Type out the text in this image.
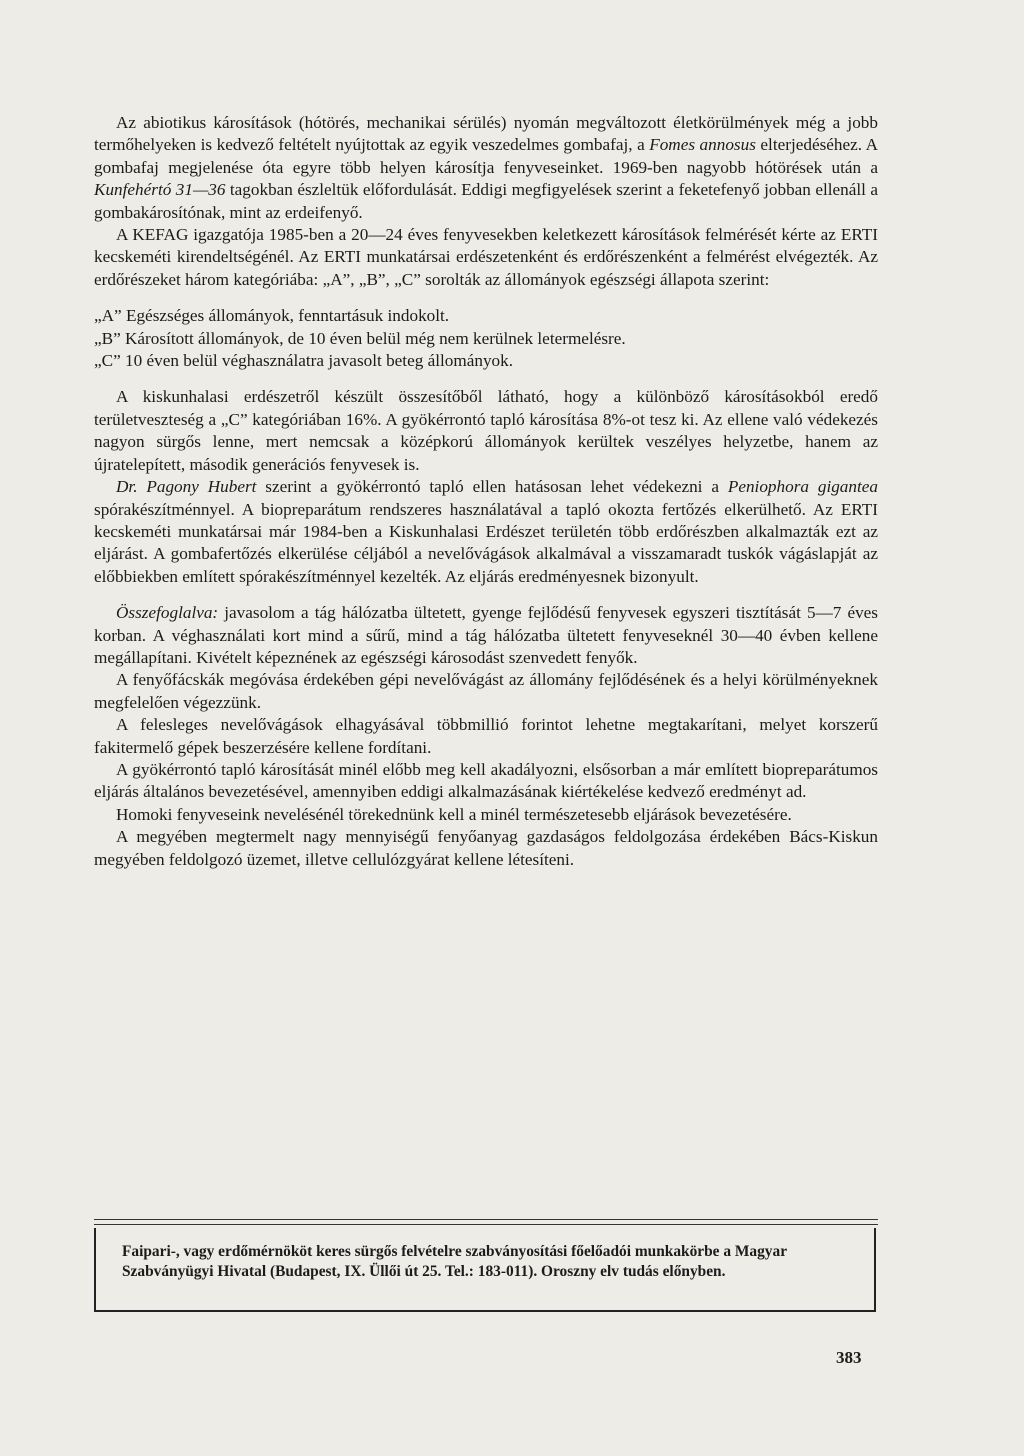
Az abiotikus károsítások (hótörés, mechanikai sérülés) nyomán megváltozott életkörülmények még a jobb termőhelyeken is kedvező feltételt nyújtottak az egyik veszedelmes gombafaj, a Fomes annosus elterjedéséhez. A gombafaj megjelenése óta egyre több helyen károsítja fenyveseinket. 1969-ben nagyobb hótörések után a Kunfehértó 31—36 tagokban észleltük előfordulását. Eddigi megfigyelések szerint a feketefenyő jobban ellenáll a gombakárosítónak, mint az erdeifenyő.

A KEFAG igazgatója 1985-ben a 20—24 éves fenyvesekben keletkezett károsítások felmérését kérte az ERTI kecskeméti kirendeltségénél. Az ERTI munkatársai erdészetenként és erdőrészenként a felmérést elvégezték. Az erdőrészeket három kategóriába: „A”, „B”, „C” sorolták az állományok egészségi állapota szerint:

„A” Egészséges állományok, fenntartásuk indokolt.

„B” Károsított állományok, de 10 éven belül még nem kerülnek letermelésre.

„C” 10 éven belül véghasználatra javasolt beteg állományok.

A kiskunhalasi erdészetről készült összesítőből látható, hogy a különböző károsításokból eredő területveszteség a „C” kategóriában 16%. A gyökérrontó tapló károsítása 8%-ot tesz ki. Az ellene való védekezés nagyon sürgős lenne, mert nemcsak a középkorú állományok kerültek veszélyes helyzetbe, hanem az újratelepített, második generációs fenyvesek is.

Dr. Pagony Hubert szerint a gyökérrontó tapló ellen hatásosan lehet védekezni a Peniophora gigantea spórakészítménnyel. A biopreparátum rendszeres használatával a tapló okozta fertőzés elkerülhető. Az ERTI kecskeméti munkatársai már 1984-ben a Kiskunhalasi Erdészet területén több erdőrészben alkalmazták ezt az eljárást. A gombafertőzés elkerülése céljából a nevelővágások alkalmával a visszamaradt tuskók vágáslapját az előbbiekben említett spórakészítménnyel kezelték. Az eljárás eredményesnek bizonyult.

Összefoglalva: javasolom a tág hálózatba ültetett, gyenge fejlődésű fenyvesek egyszeri tisztítását 5—7 éves korban. A véghasználati kort mind a sűrű, mind a tág hálózatba ültetett fenyveseknél 30—40 évben kellene megállapítani. Kivételt képeznének az egészségi károsodást szenvedett fenyők.

A fenyőfácskák megóvása érdekében gépi nevelővágást az állomány fejlődésének és a helyi körülményeknek megfelelően végezzünk.

A felesleges nevelővágások elhagyásával többmillió forintot lehetne megtakarítani, melyet korszerű fakitermelő gépek beszerzésére kellene fordítani.

A gyökérrontó tapló károsítását minél előbb meg kell akadályozni, elsősorban a már említett biopreparátumos eljárás általános bevezetésével, amennyiben eddigi alkalmazásának kiértékelése kedvező eredményt ad.

Homoki fenyveseink nevelésénél törekednünk kell a minél természetesebb eljárások bevezetésére.

A megyében megtermelt nagy mennyiségű fenyőanyag gazdaságos feldolgozása érdekében Bács-Kiskun megyében feldolgozó üzemet, illetve cellulózgyárat kellene létesíteni.

Faipari-, vagy erdőmérnököt keres sürgős felvételre szabványosítási főelőadói munkakörbe a Magyar Szabványügyi Hivatal (Budapest, IX. Üllői út 25. Tel.: 183-011). Oroszny elv tudás előnyben.

383
